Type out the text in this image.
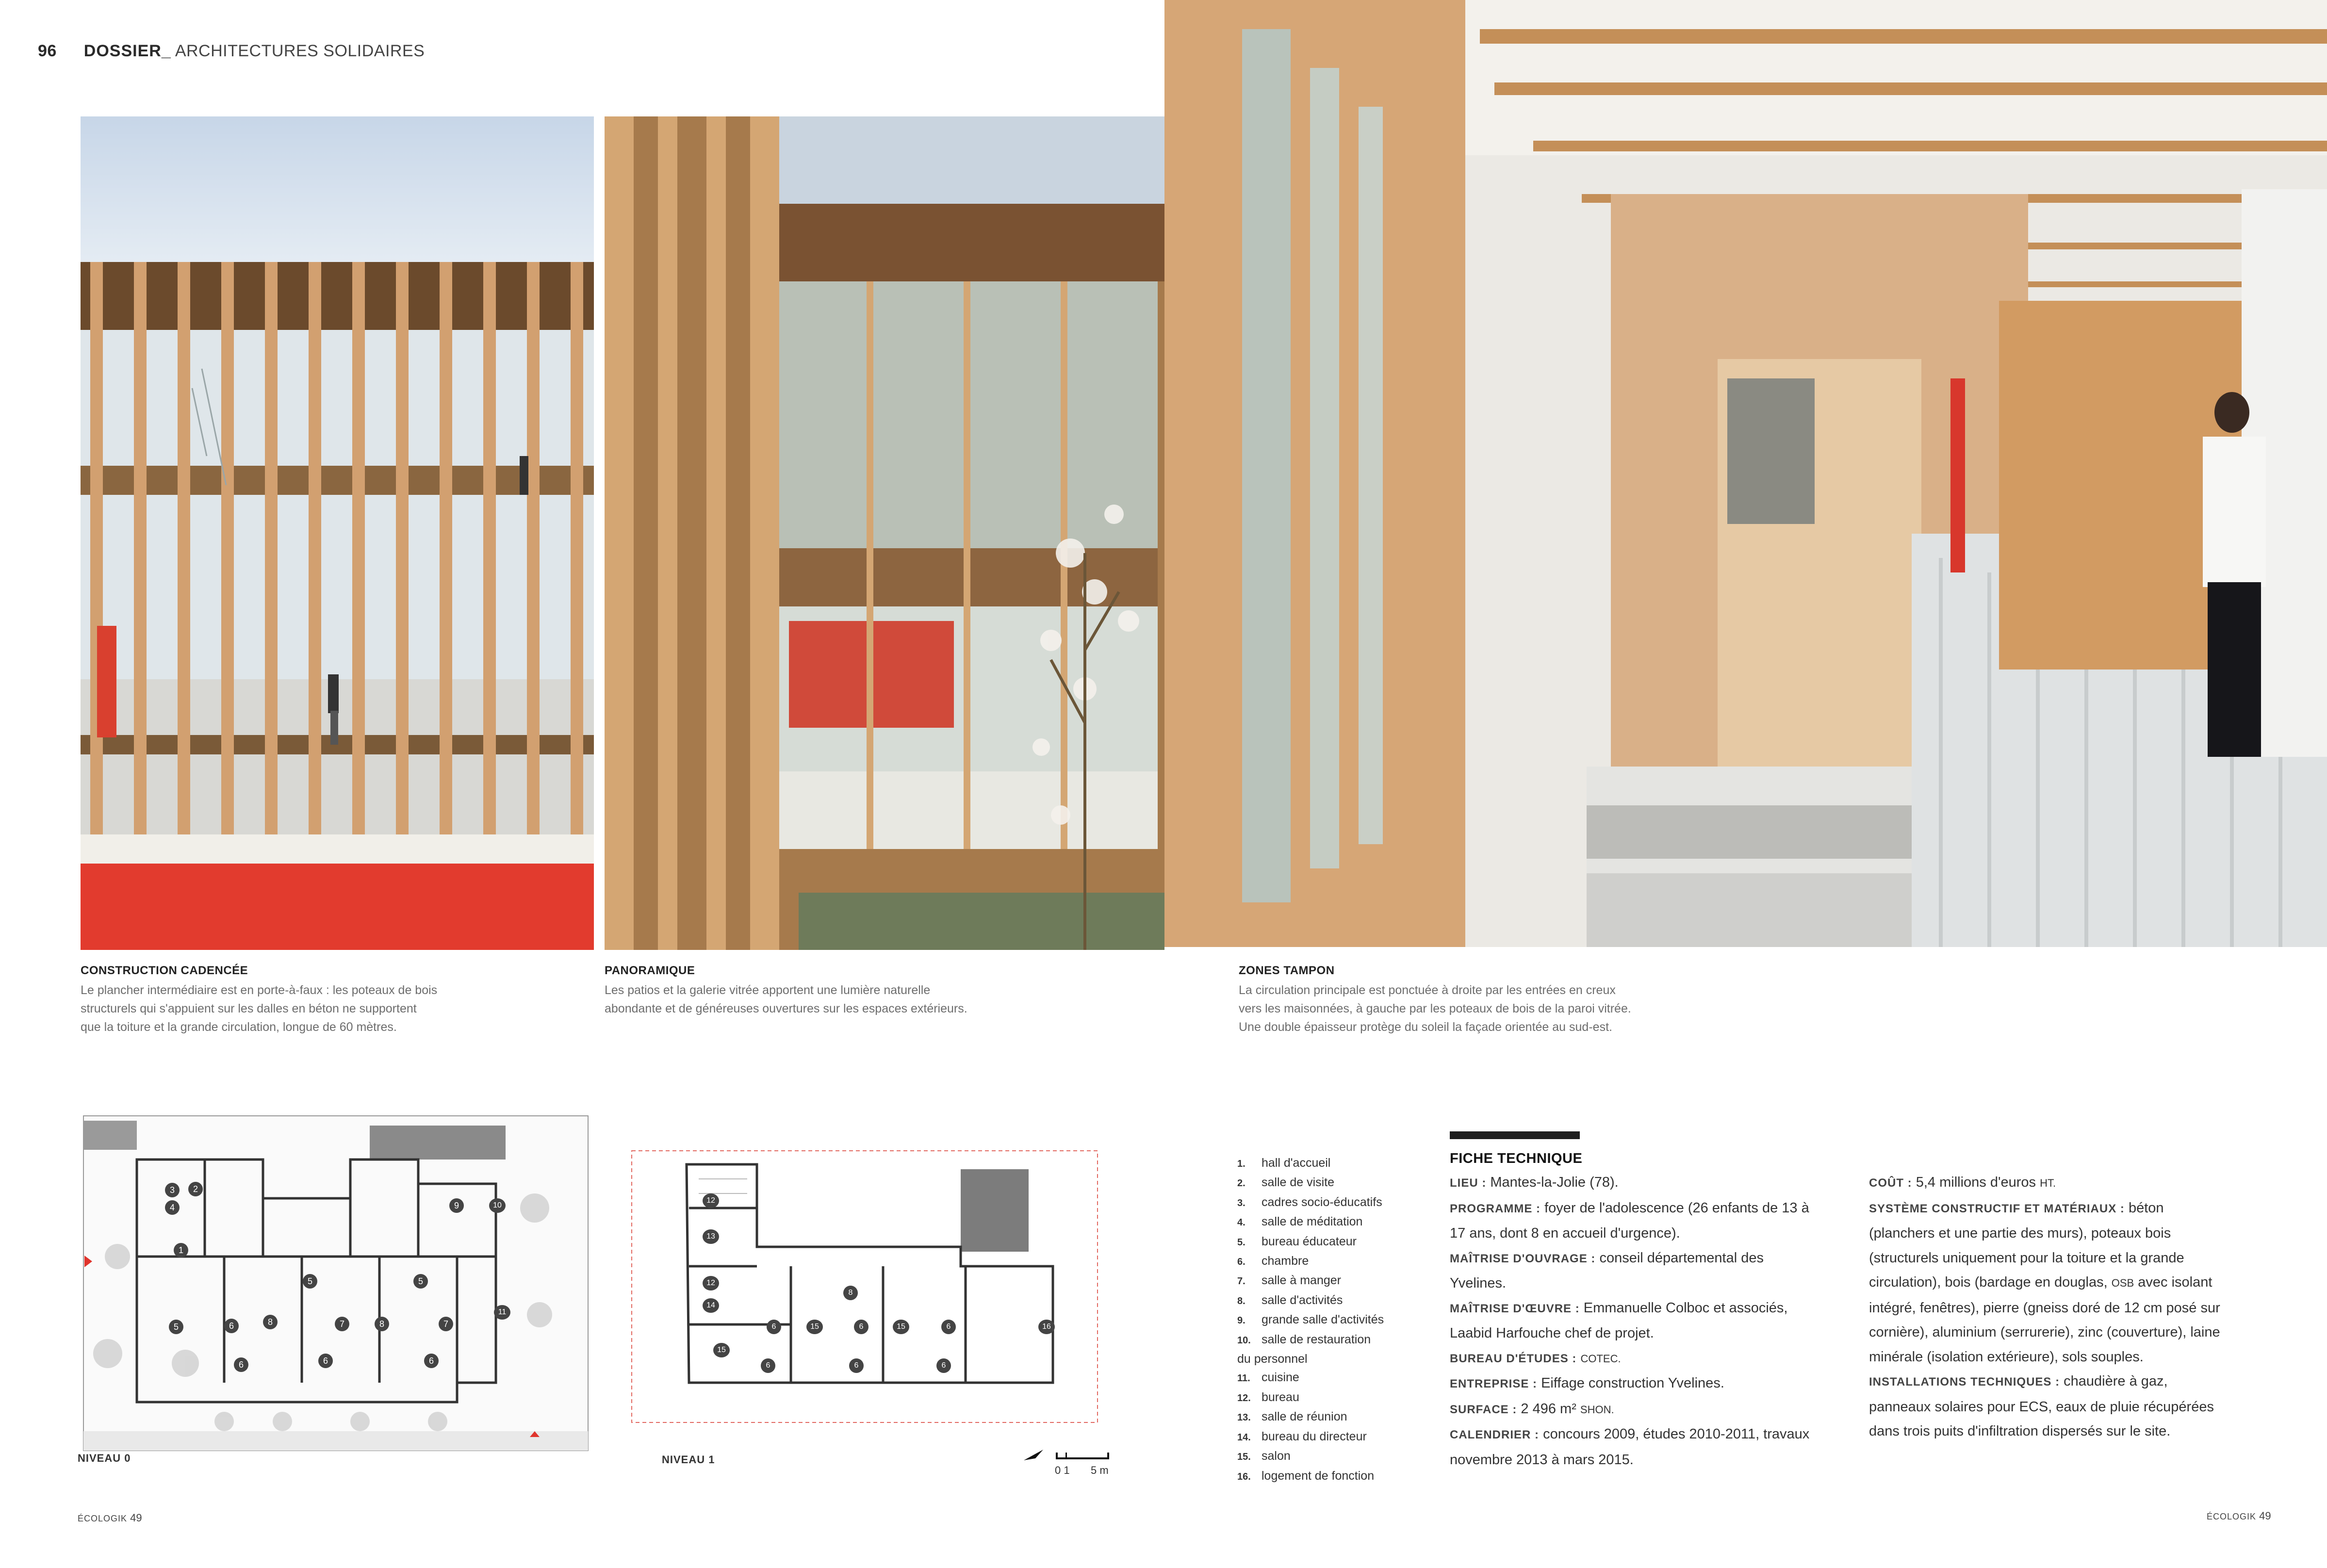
96 DOSSIER_ ARCHITECTURES SOLIDAIRES
CONSTRUCTION CADENCÉE
Le plancher intermédiaire est en porte-à-faux : les poteaux de bois
structurels qui s'appuient sur les dalles en béton ne supportent
que la toiture et la grande circulation, longue de 60 mètres.
PANORAMIQUE
Les patios et la galerie vitrée apportent une lumière naturelle
abondante et de généreuses ouvertures sur les espaces extérieurs.
ZONES TAMPON
La circulation principale est ponctuée à droite par les entrées en creux
vers les maisonnées, à gauche par les poteaux de bois de la paroi vitrée.
Une double épaisseur protège du soleil la façade orientée au sud-est.
3	2
4
1
9	10
11
5	5
5	6	8	7	8	7
6	6	6
NIVEAU 0
12
13
12
14
15
6	15
8
6	15	6
6	6	6
16
NIVEAU 1
0 1 5 m
1. hall d'accueil
2. salle de visite
3. cadres socio-éducatifs
4. salle de méditation
5. bureau éducateur
6. chambre
7. salle à manger
8. salle d'activités
9. grande salle d'activités
10. salle de restauration
du personnel
11. cuisine
12. bureau
13. salle de réunion
14. bureau du directeur
15. salon
16. logement de fonction
FICHE TECHNIQUE

LIEU : Mantes-la-Jolie (78).

PROGRAMME : foyer de l'adolescence (26 enfants de 13 à

17 ans, dont 8 en accueil d'urgence).

MAÎTRISE D'OUVRAGE : conseil départemental des

Yvelines.

MAÎTRISE D'ŒUVRE : Emmanuelle Colboc et associés,

Laabid Harfouche chef de projet.

BUREAU D'ÉTUDES : COTEC.

ENTREPRISE : Eiffage construction Yvelines.

SURFACE : 2 496 m² SHON.

CALENDRIER : concours 2009, études 2010-2011, travaux

novembre 2013 à mars 2015.

COÛT : 5,4 millions d'euros HT.

SYSTÈME CONSTRUCTIF ET MATÉRIAUX : béton

(planchers et une partie des murs), poteaux bois

(structurels uniquement pour la toiture et la grande

circulation), bois (bardage en douglas, OSB avec isolant

intégré, fenêtres), pierre (gneiss doré de 12 cm posé sur

cornière), aluminium (serrurerie), zinc (couverture), laine

minérale (isolation extérieure), sols souples.

INSTALLATIONS TECHNIQUES : chaudière à gaz,

panneaux solaires pour ECS, eaux de pluie récupérées

dans trois puits d'infiltration dispersés sur le site.

ÉCOLOGIK 49	ÉCOLOGIK 49
